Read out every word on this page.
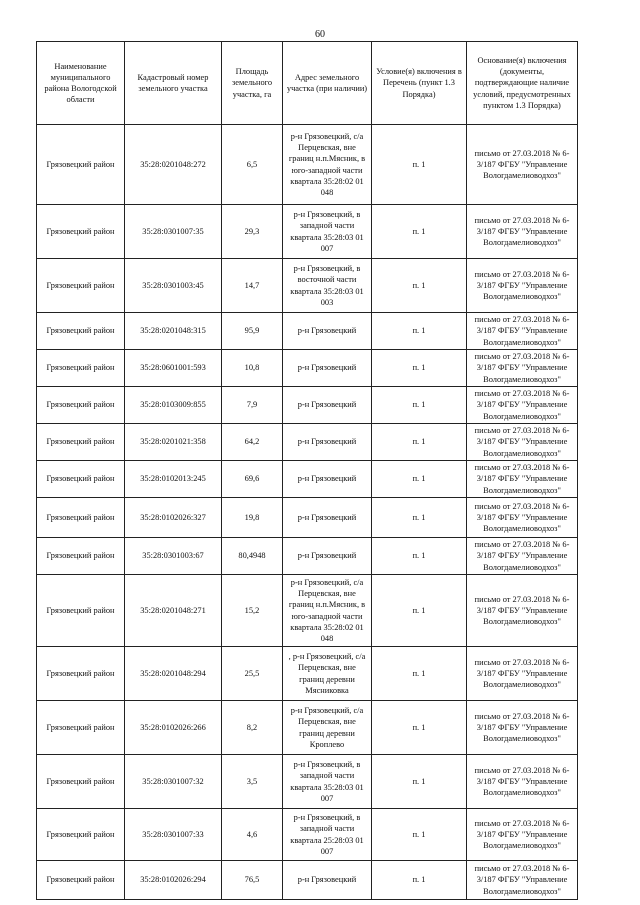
60
Наименование муниципального района Вологодской области	Кадастровый номер земельного участка	Площадь земельного участка, га	Адрес земельного участка (при наличии)	Условие(я) включения в Перечень (пункт 1.3 Порядка)	Основание(я) включения (документы, подтверждающие наличие условий, предусмотренных пунктом 1.3 Порядка)
Грязовецкий район	35:28:0201048:272	6,5	р-н Грязовецкий, с/а Перцевская, вне границ н.п.Мясник, в юго-западной части квартала 35:28:02 01 048	п. 1	письмо от 27.03.2018 № 6-3/187 ФГБУ "Управление Вологдамелиоводхоз"
Грязовецкий район	35:28:0301007:35	29,3	р-н Грязовецкий, в западной части квартала 35:28:03 01 007	п. 1	письмо от 27.03.2018 № 6-3/187 ФГБУ "Управление Вологдамелиоводхоз"
Грязовецкий район	35:28:0301003:45	14,7	р-н Грязовецкий, в восточной части квартала 35:28:03 01 003	п. 1	письмо от 27.03.2018 № 6-3/187 ФГБУ "Управление Вологдамелиоводхоз"
Грязовецкий район	35:28:0201048:315	95,9	р-н Грязовецкий	п. 1	письмо от 27.03.2018 № 6-3/187 ФГБУ "Управление Вологдамелиоводхоз"
Грязовецкий район	35:28:0601001:593	10,8	р-н Грязовецкий	п. 1	письмо от 27.03.2018 № 6-3/187 ФГБУ "Управление Вологдамелиоводхоз"
Грязовецкий район	35:28:0103009:855	7,9	р-н Грязовецкий	п. 1	письмо от 27.03.2018 № 6-3/187 ФГБУ "Управление Вологдамелиоводхоз"
Грязовецкий район	35:28:0201021:358	64,2	р-н Грязовецкий	п. 1	письмо от 27.03.2018 № 6-3/187 ФГБУ "Управление Вологдамелиоводхоз"
Грязовецкий район	35:28:0102013:245	69,6	р-н Грязовецкий	п. 1	письмо от 27.03.2018 № 6-3/187 ФГБУ "Управление Вологдамелиоводхоз"
Грязовецкий район	35:28:0102026:327	19,8	р-н Грязовецкий	п. 1	письмо от 27.03.2018 № 6-3/187 ФГБУ "Управление Вологдамелиоводхоз"
Грязовецкий район	35:28:0301003:67	80,4948	р-н Грязовецкий	п. 1	письмо от 27.03.2018 № 6-3/187 ФГБУ "Управление Вологдамелиоводхоз"
Грязовецкий район	35:28:0201048:271	15,2	р-н Грязовецкий, с/а Перцевская, вне границ н.п.Мясник, в юго-западной части квартала 35:28:02 01 048	п. 1	письмо от 27.03.2018 № 6-3/187 ФГБУ "Управление Вологдамелиоводхоз"
Грязовецкий район	35:28:0201048:294	25,5	, р-н Грязовецкий, с/а Перцевская, вне границ деревни Мясниковка	п. 1	письмо от 27.03.2018 № 6-3/187 ФГБУ "Управление Вологдамелиоводхоз"
Грязовецкий район	35:28:0102026:266	8,2	р-н Грязовецкий, с/а Перцевская, вне границ деревни Кроплево	п. 1	письмо от 27.03.2018 № 6-3/187 ФГБУ "Управление Вологдамелиоводхоз"
Грязовецкий район	35:28:0301007:32	3,5	р-н Грязовецкий, в западной части квартала 35:28:03 01 007	п. 1	письмо от 27.03.2018 № 6-3/187 ФГБУ "Управление Вологдамелиоводхоз"
Грязовецкий район	35:28:0301007:33	4,6	р-н Грязовецкий, в западной части квартала 25:28:03 01 007	п. 1	письмо от 27.03.2018 № 6-3/187 ФГБУ "Управление Вологдамелиоводхоз"
Грязовецкий район	35:28:0102026:294	76,5	р-н Грязовецкий	п. 1	письмо от 27.03.2018 № 6-3/187 ФГБУ "Управление Вологдамелиоводхоз"
